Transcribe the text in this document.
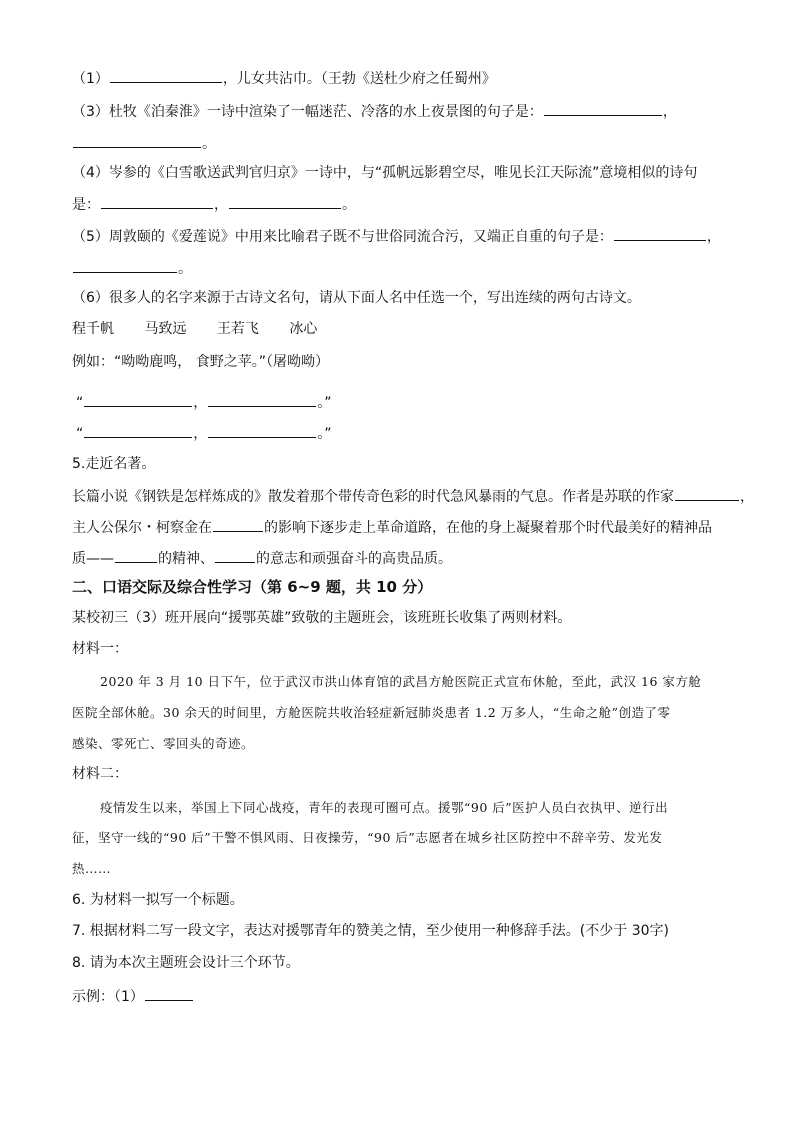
（1）	，儿女共沾巾。（王勃《送杜少府之任蜀州》
（3）杜牧《泊秦淮》一诗中渲染了一幅迷茫、冷落的水上夜景图的句子是：	，
。
（4）岑参的《白雪歌送武判官归京》一诗中，与“孤帆远影碧空尽，唯见长江天际流”意境相似的诗句
是：	，	。
（5）周敦颐的《爱莲说》中用来比喻君子既不与世俗同流合污，又端正自重的句子是：	，
。
（6）很多人的名字来源于古诗文名句，请从下面人名中任选一个，写出连续的两句古诗文。
程千帆 马致远 王若飞 冰心
例如：“呦呦鹿鸣， 食野之苹。”（屠呦呦）
“	，	。”
“	，	。”
5.走近名著。
长篇小说《钢铁是怎样炼成的》散发着那个带传奇色彩的时代急风暴雨的气息。作者是苏联的作家	，
主人公保尔・柯察金在	的影响下逐步走上革命道路，在他的身上凝聚着那个时代最美好的精神品
质——	的精神、	的意志和顽强奋斗的高贵品质。
二、口语交际及综合性学习（第 6~9 题，共 10 分）
某校初三（3）班开展向“援鄂英雄”致敬的主题班会，该班班长收集了两则材料。
材料一：
2020 年 3 月 10 日下午，位于武汉市洪山体育馆的武昌方舱医院正式宣布休舱，至此，武汉 16 家方舱
医院全部休舱。30 余天的时间里，方舱医院共收治轻症新冠肺炎患者 1.2 万多人，“生命之舱”创造了零
感染、零死亡、零回头的奇迹。
材料二：
疫情发生以来，举国上下同心战疫，青年的表现可圈可点。援鄂“90 后”医护人员白衣执甲、逆行出
征，坚守一线的“90 后”干警不惧风雨、日夜操劳，“90 后”志愿者在城乡社区防控中不辞辛劳、发光发
热……
6. 为材料一拟写一个标题。
7. 根据材料二写一段文字，表达对援鄂青年的赞美之情，至少使用一种修辞手法。(不少于 30字)
8. 请为本次主题班会设计三个环节。
示例：（1）
